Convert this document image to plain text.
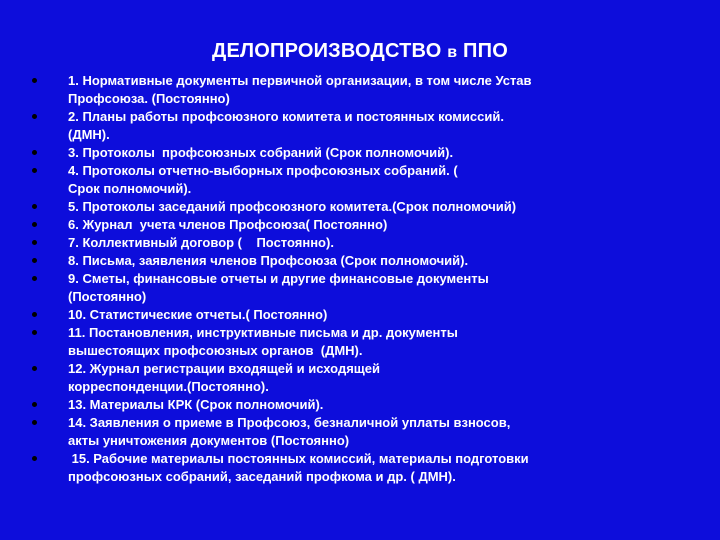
ДЕЛОПРОИЗВОДСТВО в ППО
1. Нормативные документы первичной организации, в том числе Устав
Профсоюза. (Постоянно)
2. Планы работы профсоюзного комитета и постоянных комиссий.
(ДМН).
3. Протоколы  профсоюзных собраний (Срок полномочий).
4. Протоколы отчетно-выборных профсоюзных собраний. (
Срок полномочий).
5. Протоколы заседаний профсоюзного комитета.(Срок полномочий)
6. Журнал  учета членов Профсоюза( Постоянно)
7. Коллективный договор (    Постоянно).
8. Письма, заявления членов Профсоюза (Срок полномочий).
9. Сметы, финансовые отчеты и другие финансовые документы
(Постоянно)
10. Статистические отчеты.( Постоянно)
11. Постановления, инструктивные письма и др. документы
вышестоящих профсоюзных органов  (ДМН).
12. Журнал регистрации входящей и исходящей
корреспонденции.(Постоянно).
13. Материалы КРК (Срок полномочий).
14. Заявления о приеме в Профсоюз, безналичной уплаты взносов,
акты уничтожения документов (Постоянно)
15. Рабочие материалы постоянных комиссий, материалы подготовки
профсоюзных собраний, заседаний профкома и др. ( ДМН).
